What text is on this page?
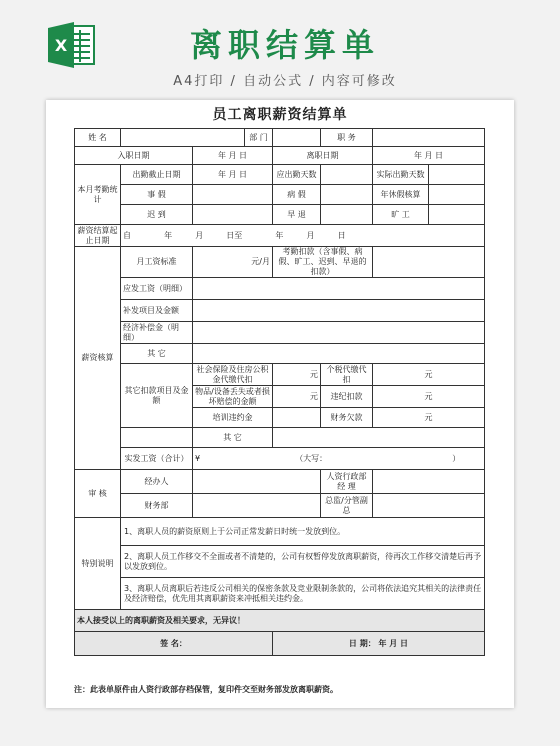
X	离职结算单
A4打印 / 自动公式 / 内容可修改
员工离职薪资结算单
姓 名			部 门		职 务		
入职日期		年 月 日		离职日期		年 月 日	
本月考勤统 计	出勤截止日期	年 月 日		应出勤天数		实际出勤天数	
	事 假			病 假		年休假核算	
	迟 到			早 退		旷 工	
薪资结算起止日期	自 年 月 日至 年 月 日						
薪资核算	月工资标准	元/月		考勤扣款（含事假、病假、旷工、迟到、早退的扣款）			
	应发工资（明细）						
	补发项目及金额						
	经济补偿金（明细）						
	其 它						
	其它扣款项目及金额	社会保险及住房公积金代缴代扣		元	个税代缴代扣	元	
		物品/设备丢失或者损坏赔偿的金额		元	违纪扣款	元	
		培训违约金			财务欠款	元	
		其 它					
	实发工资（合计）	¥ （大写： ）					
审 核	经办人				人资行政部经 理		
	财务部				总监/分管副 总		
特别说明	1、离职人员的薪资原则上于公司正常发薪日时统一发放到位。						
	2、离职人员工作移交不全面或者不清楚的，公司有权暂停发放离职薪资，待再次工作移交清楚后再予以发放到位。						
	3、离职人员离职后若违反公司相关的保密条款及竞业限制条款的，公司将依法追究其相关的法律责任及经济赔偿，优先用其离职薪资来冲抵相关违约金。						
本人接受以上的离职薪资及相关要求，无异议！							
签 名：				日 期： 年 月 日			
注：此表单原件由人资行政部存档保管，复印件交至财务部发放离职薪资。
